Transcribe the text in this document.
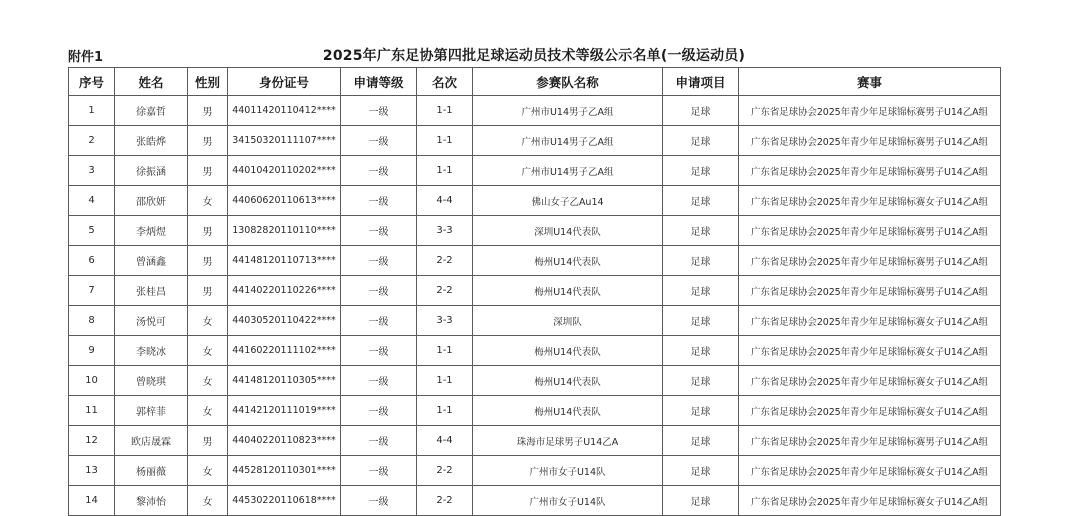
附件1	2025年广东足协第四批足球运动员技术等级公示名单(一级运动员)
序号	姓名	性别	身份证号	申请等级	名次	参赛队名称	申请项目	赛事
1	徐嘉哲	男	44011420110412****	一级	1-1	广州市U14男子乙A组	足球	广东省足球协会2025年青少年足球锦标赛男子U14乙A组
2	张皓烨	男	34150320111107****	一级	1-1	广州市U14男子乙A组	足球	广东省足球协会2025年青少年足球锦标赛男子U14乙A组
3	徐振涵	男	44010420110202****	一级	1-1	广州市U14男子乙A组	足球	广东省足球协会2025年青少年足球锦标赛男子U14乙A组
4	邵欣妍	女	44060620110613****	一级	4-4	佛山女子乙Au14	足球	广东省足球协会2025年青少年足球锦标赛女子U14乙A组
5	李炳煜	男	13082820110110****	一级	3-3	深圳U14代表队	足球	广东省足球协会2025年青少年足球锦标赛男子U14乙A组
6	曾涵鑫	男	44148120110713****	一级	2-2	梅州U14代表队	足球	广东省足球协会2025年青少年足球锦标赛男子U14乙A组
7	张桂昌	男	44140220110226****	一级	2-2	梅州U14代表队	足球	广东省足球协会2025年青少年足球锦标赛男子U14乙A组
8	汤悦可	女	44030520110422****	一级	3-3	深圳队	足球	广东省足球协会2025年青少年足球锦标赛女子U14乙A组
9	李晓冰	女	44160220111102****	一级	1-1	梅州U14代表队	足球	广东省足球协会2025年青少年足球锦标赛女子U14乙A组
10	曾晓琪	女	44148120110305****	一级	1-1	梅州U14代表队	足球	广东省足球协会2025年青少年足球锦标赛女子U14乙A组
11	郭梓菲	女	44142120111019****	一级	1-1	梅州U14代表队	足球	广东省足球协会2025年青少年足球锦标赛女子U14乙A组
12	欧店晟霖	男	44040220110823****	一级	4-4	珠海市足球男子U14乙A	足球	广东省足球协会2025年青少年足球锦标赛男子U14乙A组
13	杨丽薇	女	44528120110301****	一级	2-2	广州市女子U14队	足球	广东省足球协会2025年青少年足球锦标赛女子U14乙A组
14	黎沛怡	女	44530220110618****	一级	2-2	广州市女子U14队	足球	广东省足球协会2025年青少年足球锦标赛女子U14乙A组
